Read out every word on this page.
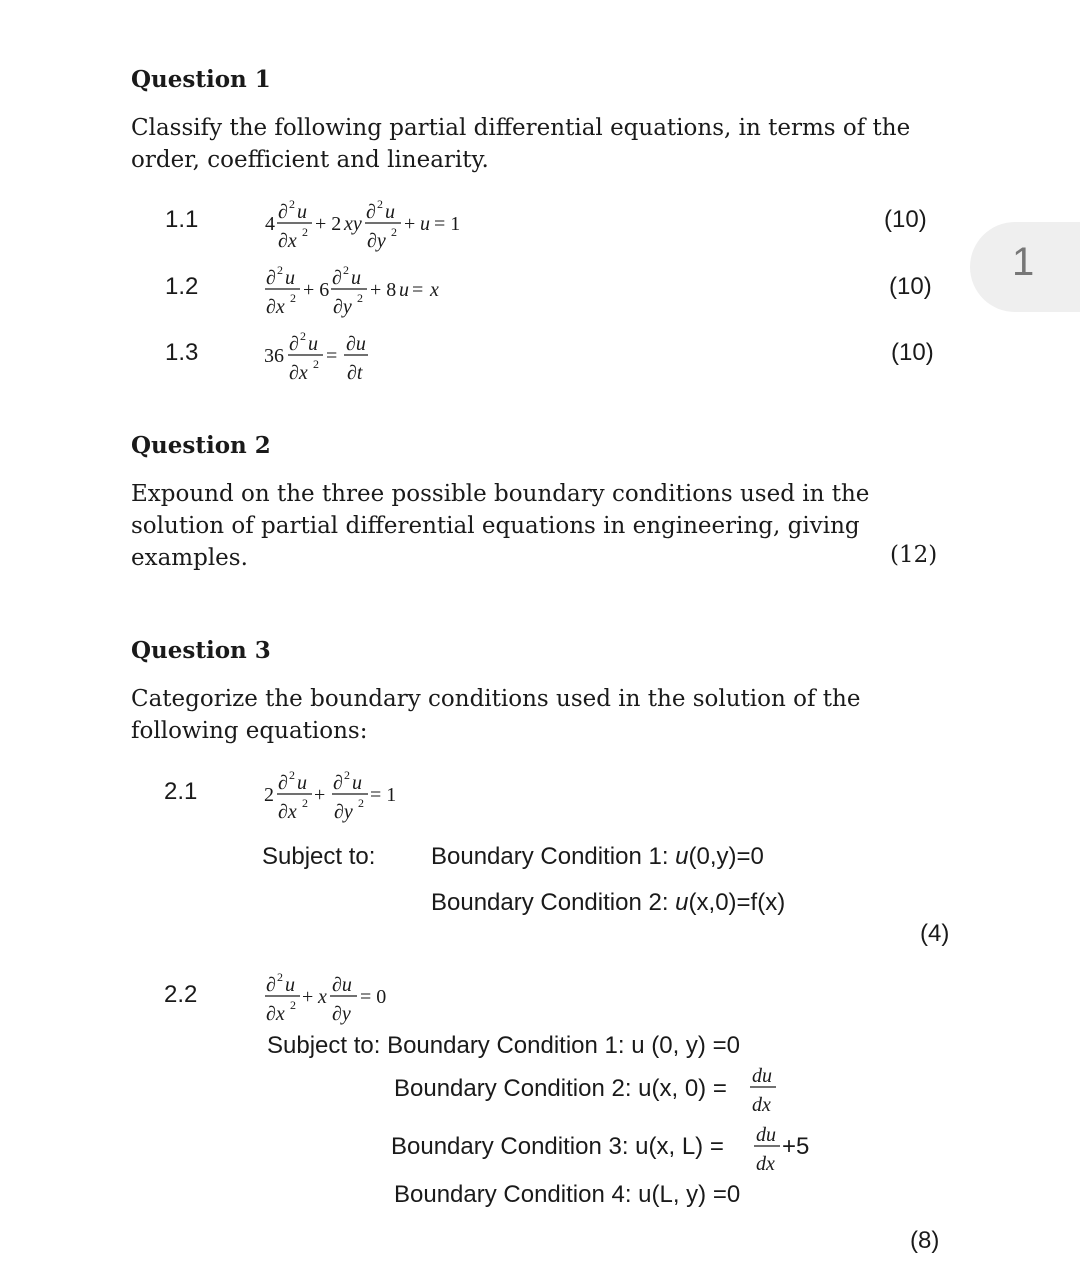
Question 1
Classify the following partial differential equations, in terms of the order, coefficient and linearity.
1.1	4
∂ 2 u
∂x 2 + 2 xy
∂ 2 u
∂y 2 + u = 1	(10)
1.2	∂ 2 u
∂x 2 + 6
∂ 2 u
∂y 2 + 8 u = x	(10)
1.3	36
∂ 2 u
∂x 2 =
∂u
∂t
(10)
Question 2
Expound on the three possible boundary conditions used in the solution of partial differential equations in engineering, giving examples.	(12)
Question 3
Categorize the boundary conditions used in the solution of the following equations:
2.1	2
∂ 2 u
∂x 2 +
∂ 2 u
∂y 2 = 1
Subject to: Boundary Condition 1: u(0,y)=0
Boundary Condition 2: u(x,0)=f(x)
(4)
2.2	∂ 2 u
∂x 2 + x
∂u
∂y
= 0
Subject to: Boundary Condition 1: u (0, y) =0
Boundary Condition 2: u(x, 0) = du
dx
Boundary Condition 3: u(x, L) = du
dx
+5
Boundary Condition 4: u(L, y) =0
(8)
1
